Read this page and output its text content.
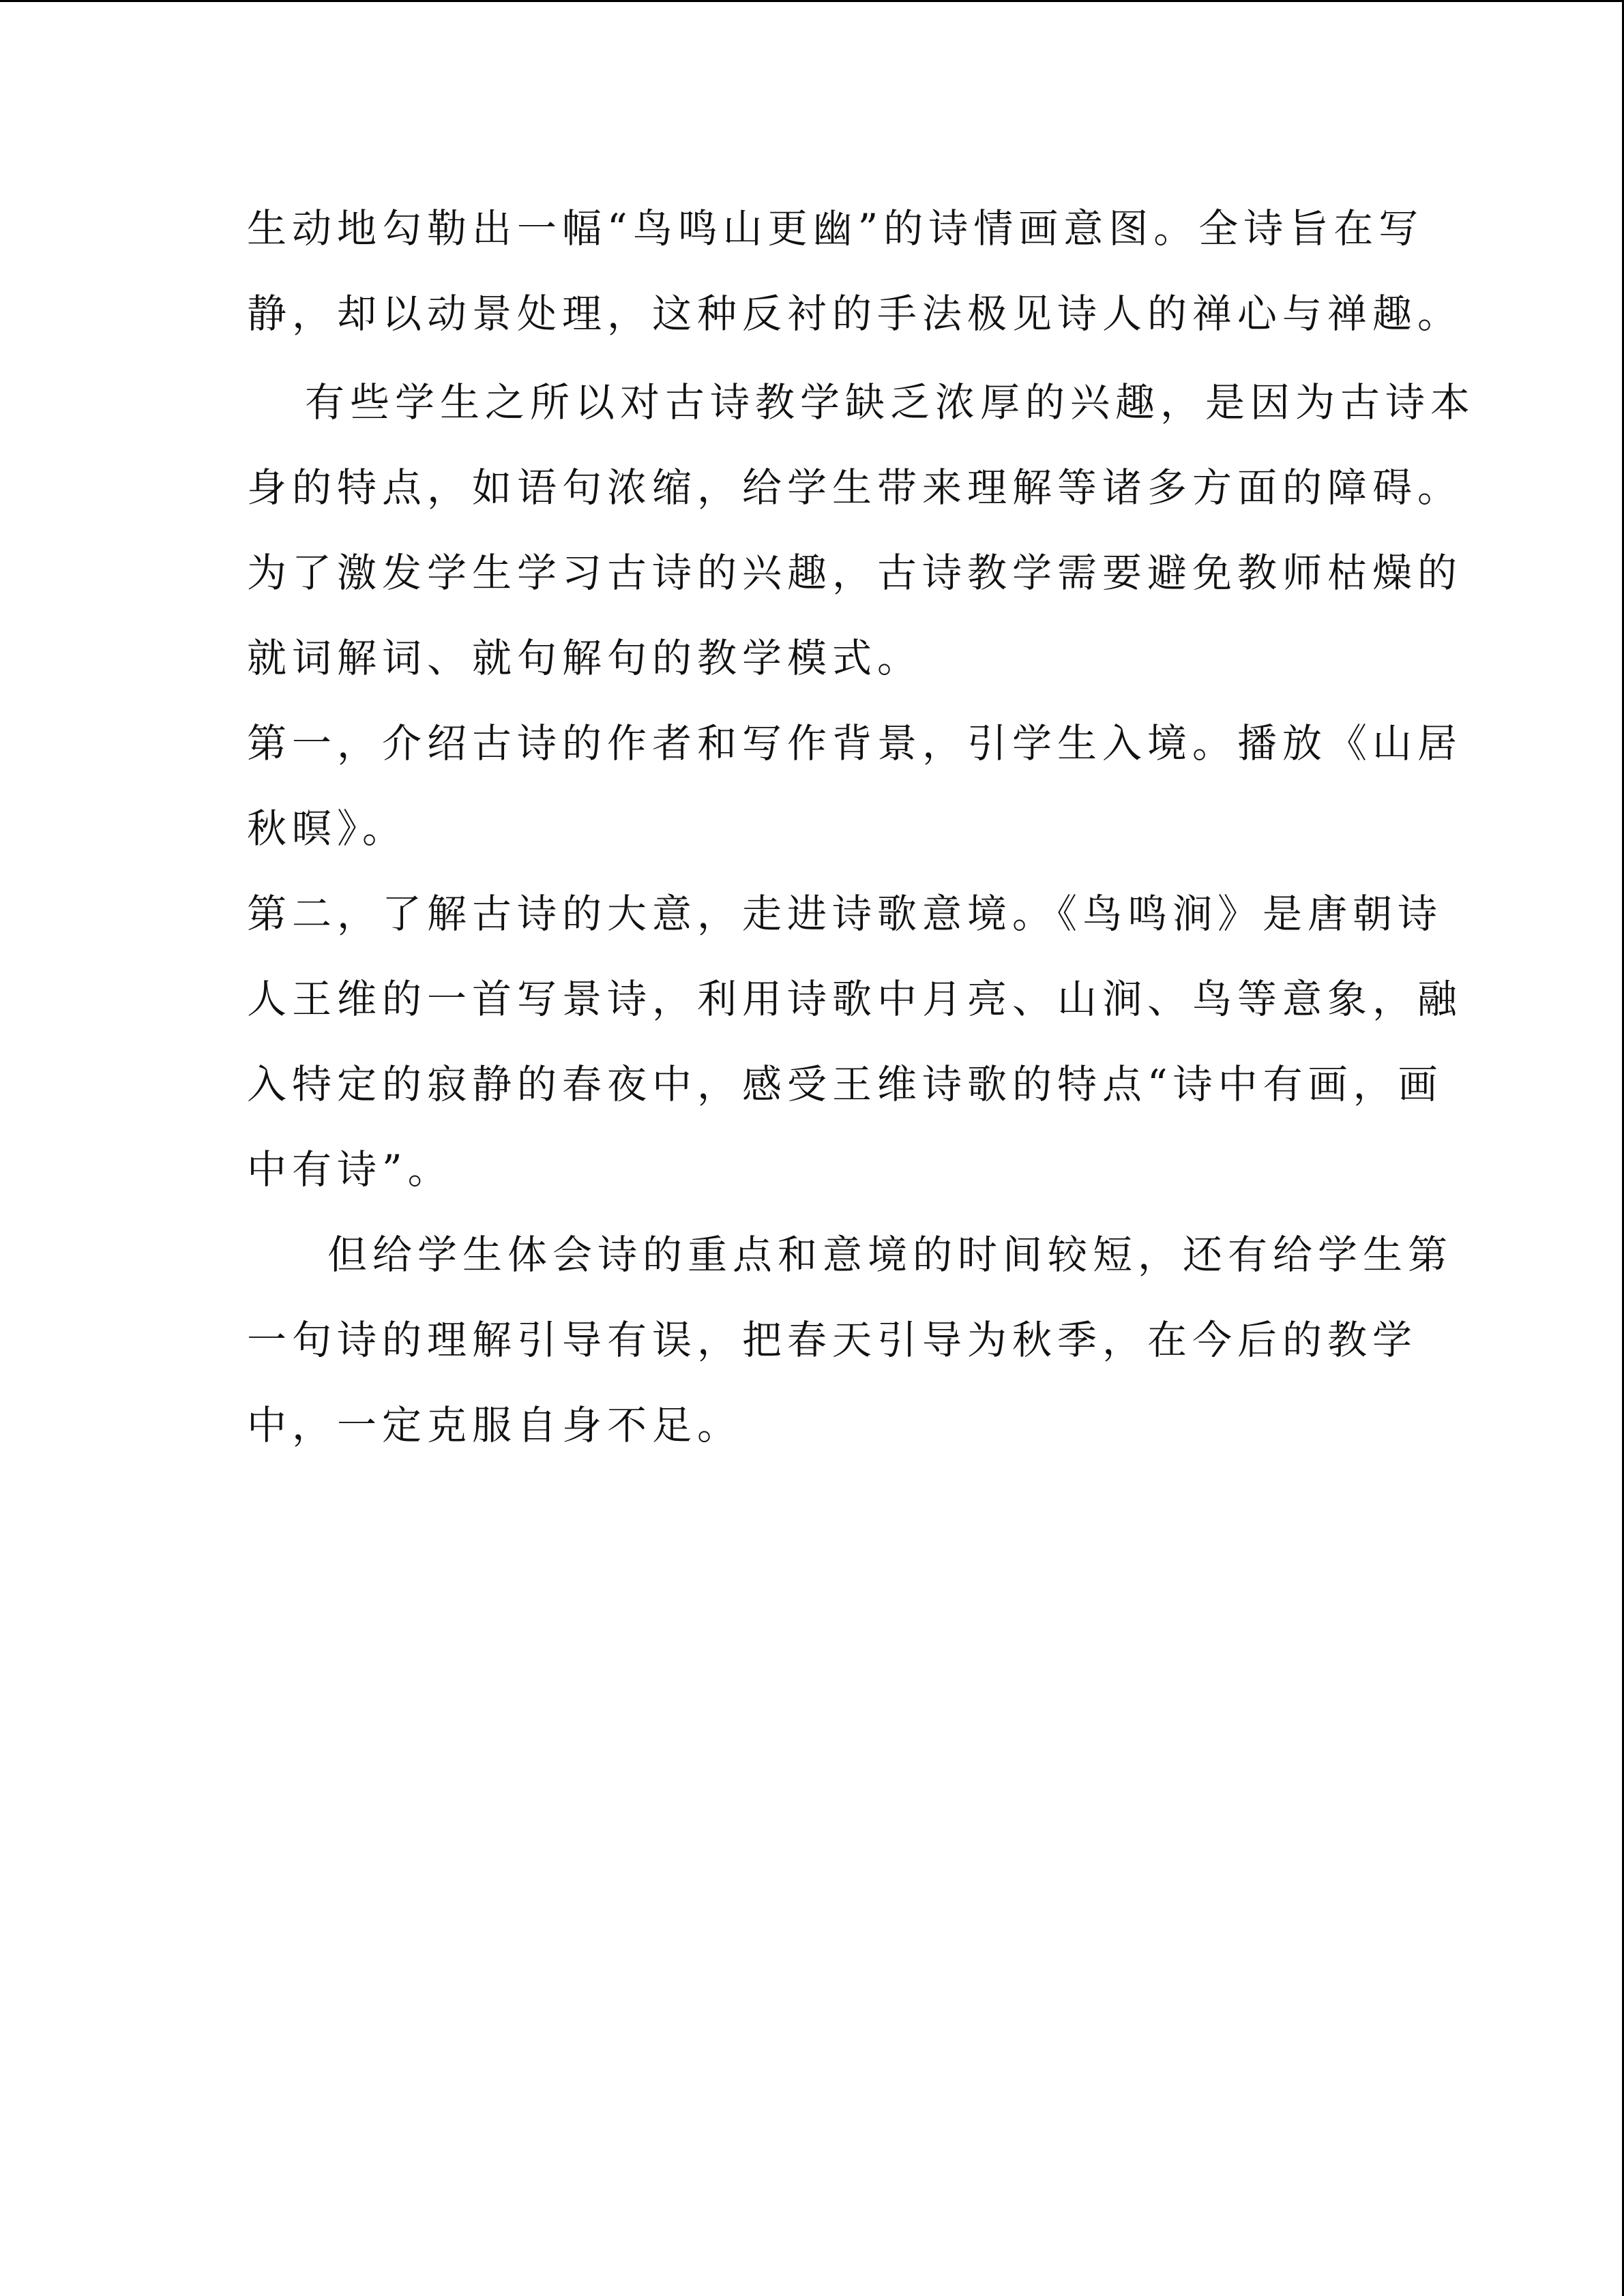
生动地勾勒出一幅“鸟鸣山更幽”的诗情画意图。全诗旨在写
静，却以动景处理，这种反衬的手法极见诗人的禅心与禅趣。
有些学生之所以对古诗教学缺乏浓厚的兴趣，是因为古诗本
身的特点，如语句浓缩，给学生带来理解等诸多方面的障碍。
为了激发学生学习古诗的兴趣，古诗教学需要避免教师枯燥的
就词解词、就句解句的教学模式。
第一，介绍古诗的作者和写作背景，引学生入境。播放《山居
秋暝》。
第二，了解古诗的大意，走进诗歌意境。《鸟鸣涧》是唐朝诗
人王维的一首写景诗，利用诗歌中月亮、山涧、鸟等意象，融
入特定的寂静的春夜中，感受王维诗歌的特点“诗中有画，画
中有诗”。
但给学生体会诗的重点和意境的时间较短，还有给学生第
一句诗的理解引导有误，把春天引导为秋季，在今后的教学
中，一定克服自身不足。
